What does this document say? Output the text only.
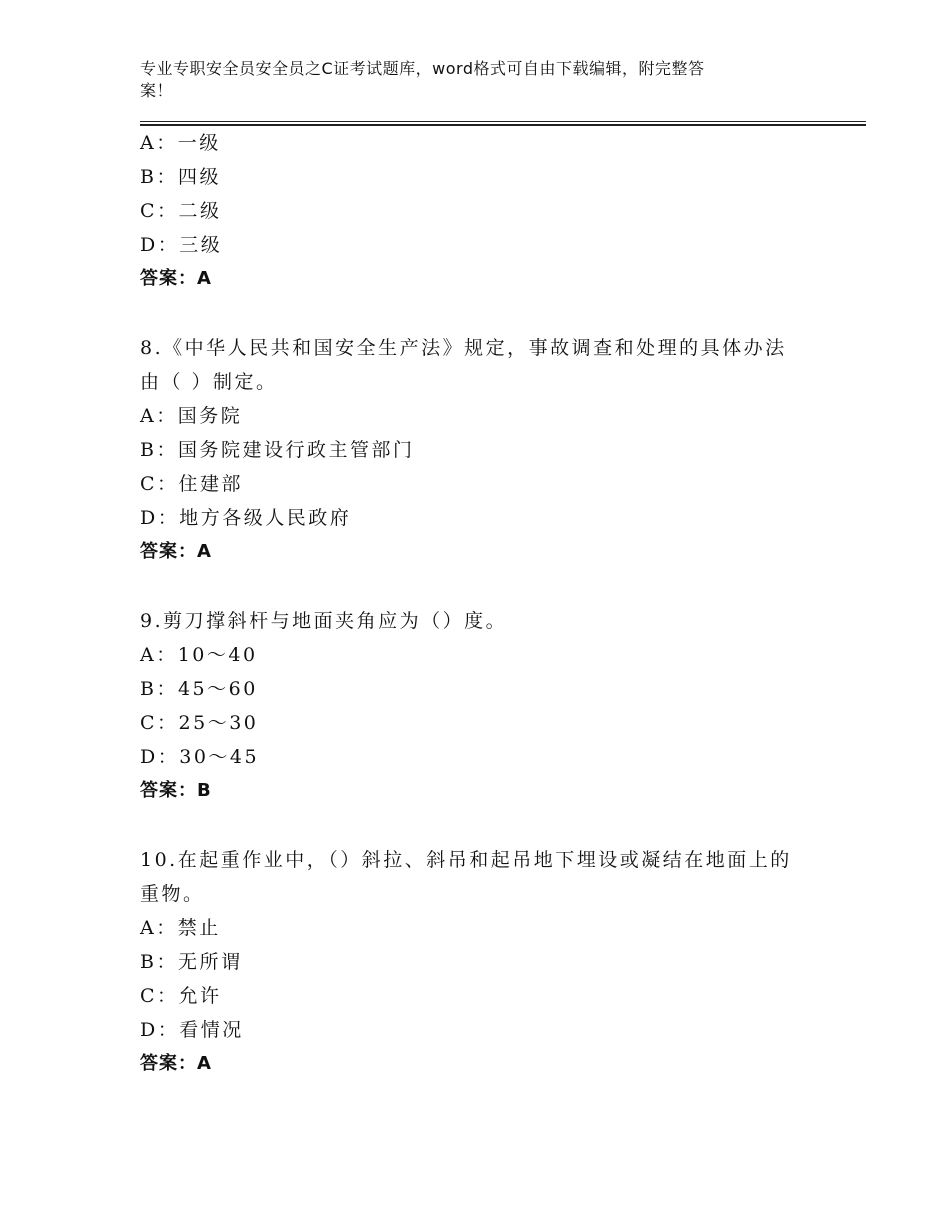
专业专职安全员安全员之C证考试题库，word格式可自由下载编辑，附完整答
案！
A：一级
B：四级
C：二级
D：三级
答案：A
8.《中华人民共和国安全生产法》规定，事故调查和处理的具体办法
由（ ）制定。
A：国务院
B：国务院建设行政主管部门
C：住建部
D：地方各级人民政府
答案：A
9.剪刀撑斜杆与地面夹角应为（）度。
A：10～40
B：45～60
C：25～30
D：30～45
答案：B
10.在起重作业中，（）斜拉、斜吊和起吊地下埋设或凝结在地面上的
重物。
A：禁止
B：无所谓
C：允许
D：看情况
答案：A
